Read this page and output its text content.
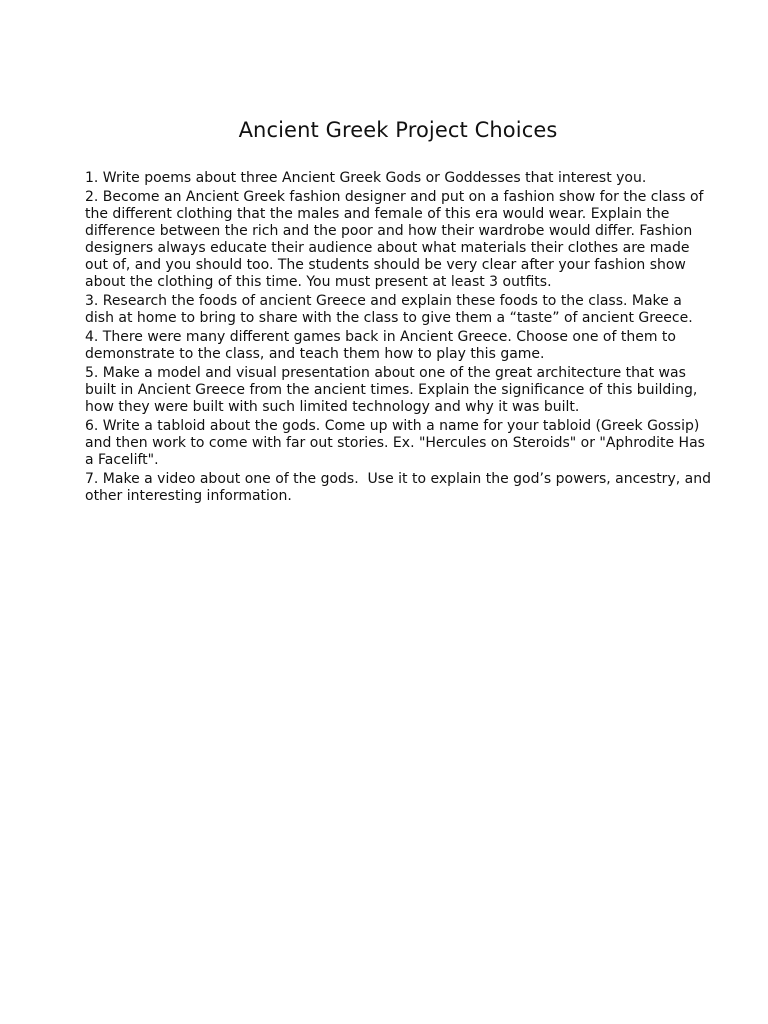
Ancient Greek Project Choices
1. Write poems about three Ancient Greek Gods or Goddesses that interest you.
2. Become an Ancient Greek fashion designer and put on a fashion show for the class of the different clothing that the males and female of this era would wear. Explain the difference between the rich and the poor and how their wardrobe would differ. Fashion designers always educate their audience about what materials their clothes are made out of, and you should too. The students should be very clear after your fashion show about the clothing of this time. You must present at least 3 outfits.
3. Research the foods of ancient Greece and explain these foods to the class. Make a dish at home to bring to share with the class to give them a “taste” of ancient Greece.
4. There were many different games back in Ancient Greece. Choose one of them to demonstrate to the class, and teach them how to play this game.
5. Make a model and visual presentation about one of the great architecture that was built in Ancient Greece from the ancient times. Explain the significance of this building, how they were built with such limited technology and why it was built.
6. Write a tabloid about the gods. Come up with a name for your tabloid (Greek Gossip) and then work to come with far out stories. Ex. "Hercules on Steroids" or "Aphrodite Has a Facelift".
7. Make a video about one of the gods.  Use it to explain the god’s powers, ancestry, and other interesting information.
